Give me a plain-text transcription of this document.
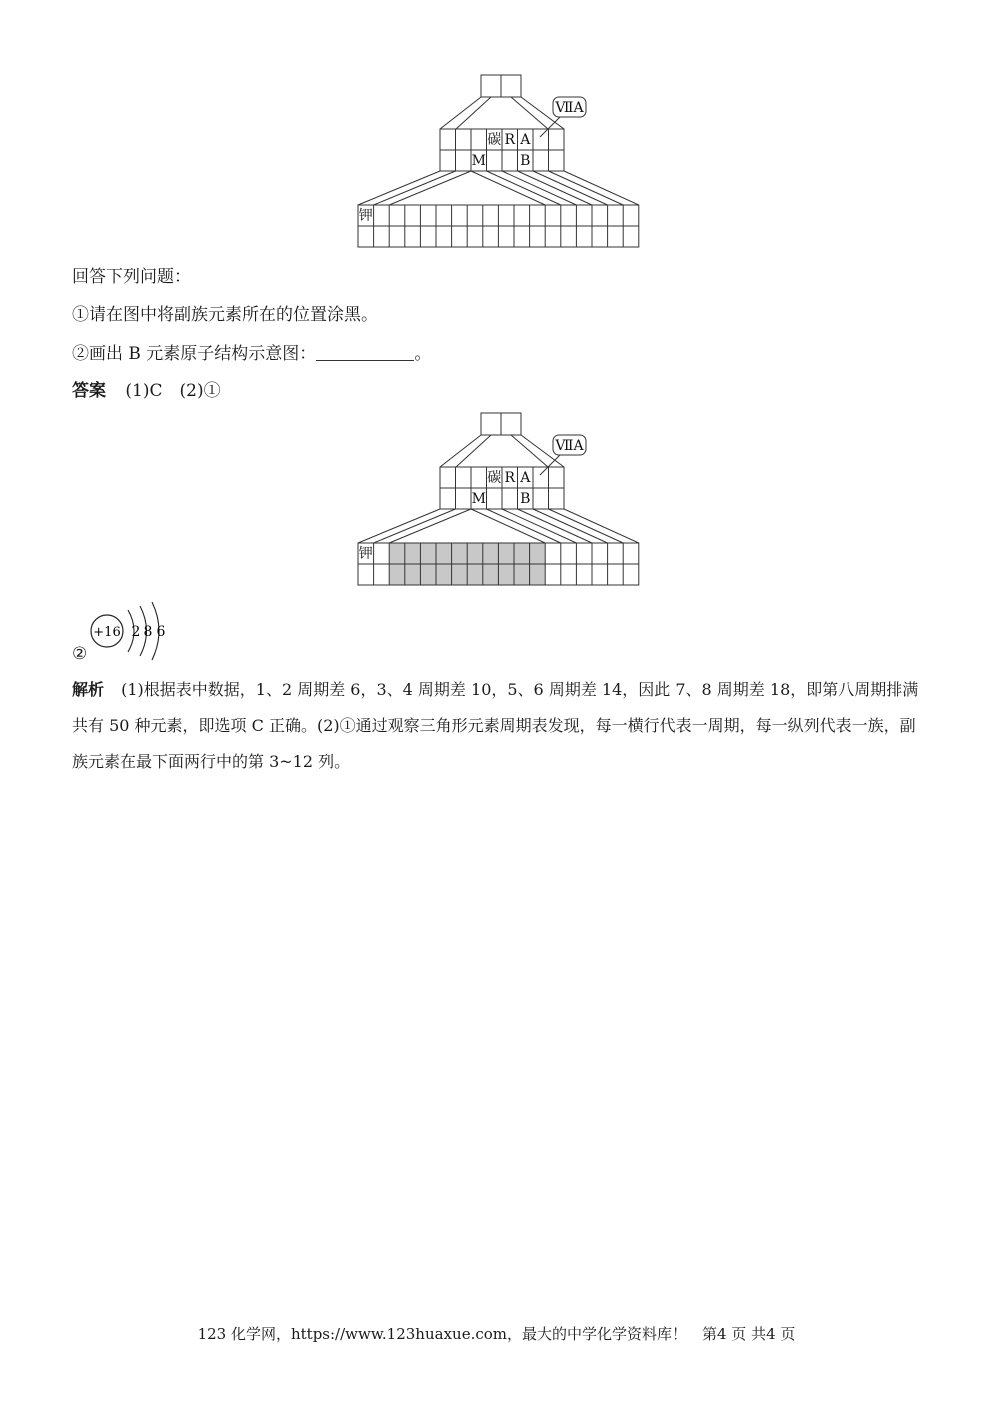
碳 R A
M B
ⅦA
钾
回答下列问题：
①请在图中将副族元素所在的位置涂黑。
②画出 B 元素原子结构示意图：	。
答案 (1)C　(2)①
碳 R A
M B
ⅦA
钾
②
+16 2 8 6
解析 (1)根据表中数据，1、2 周期差 6，3、4 周期差 10，5、6 周期差 14，因此 7、8 周期差 18，即第八周期排满共有 50 种元素，即选项 C 正确。(2)①通过观察三角形元素周期表发现，每一横行代表一周期，每一纵列代表一族，副族元素在最下面两行中的第 3~12 列。
123 化学网，https://www.123huaxue.com，最大的中学化学资料库！　第4 页 共4 页
